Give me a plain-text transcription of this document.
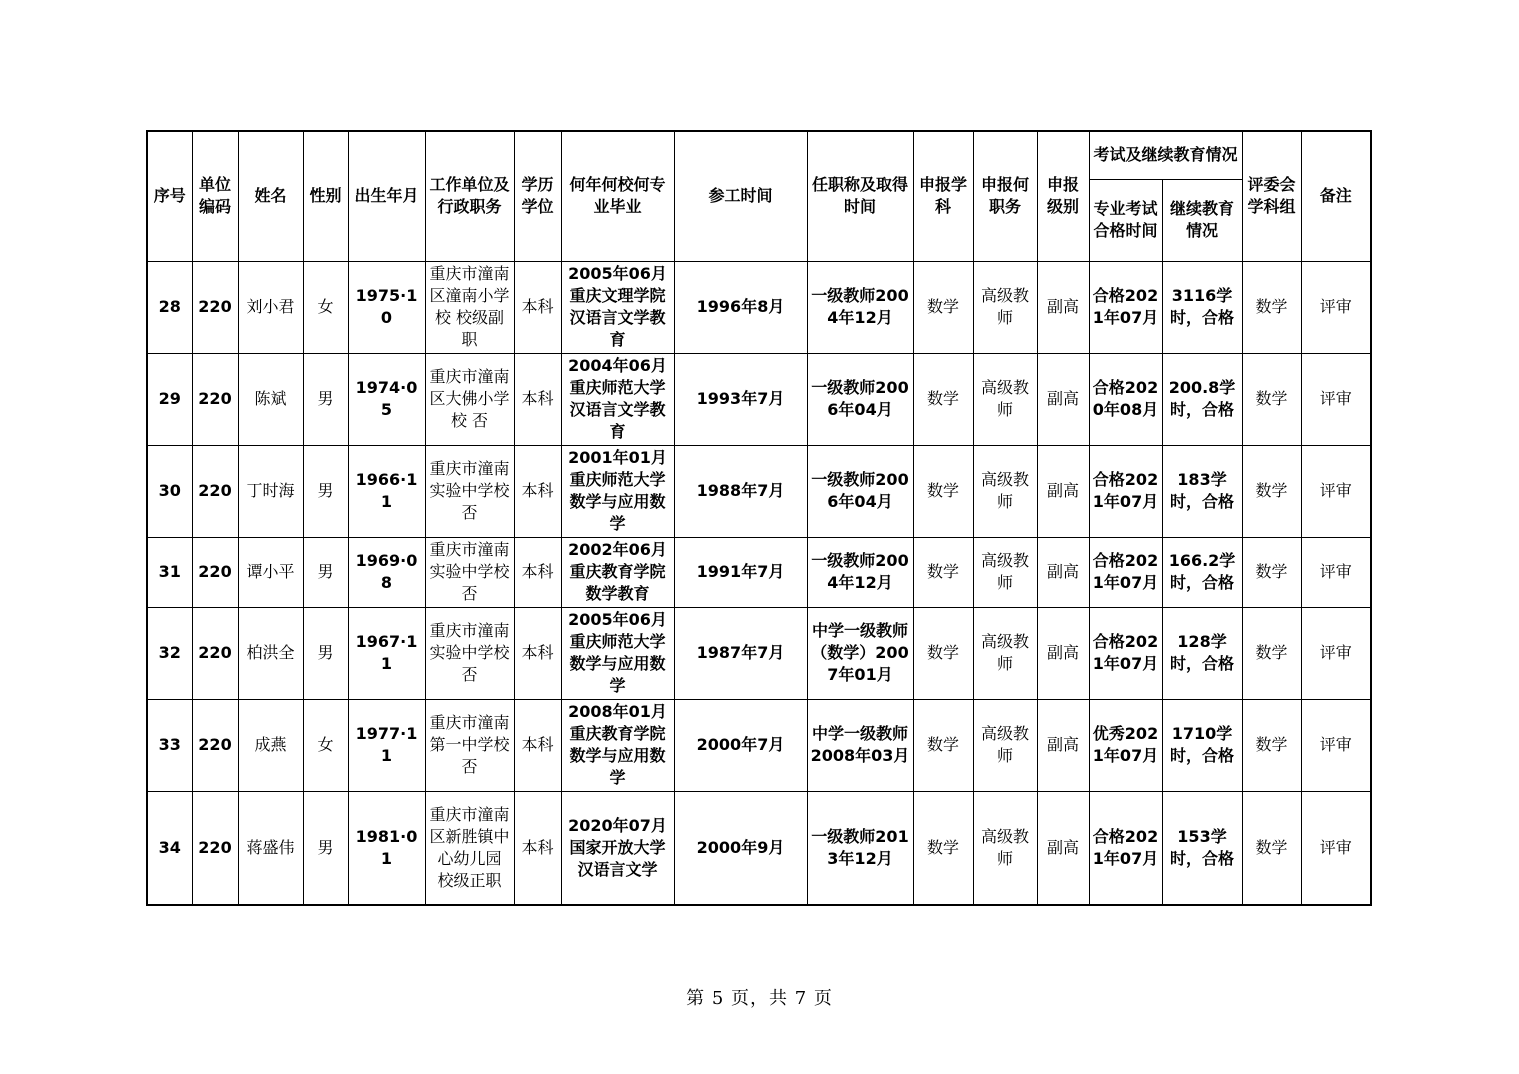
序号	单位编码	姓名	性别	出生年月	工作单位及行政职务	学历学位	何年何校何专业毕业	参工时间	任职称及取得时间	申报学科	申报何职务	申报级别	考试及继续教育情况		评委会学科组	备注
													专业考试合格时间	继续教育情况		
28	220	刘小君	女	1975·10	重庆市潼南区潼南小学校 校级副职	本科	2005年06月重庆文理学院汉语言文学教育	1996年8月	一级教师2004年12月	数学	高级教师	副高	合格2021年07月	3116学时，合格	数学	评审
29	220	陈斌	男	1974·05	重庆市潼南区大佛小学校 否	本科	2004年06月重庆师范大学汉语言文学教育	1993年7月	一级教师2006年04月	数学	高级教师	副高	合格2020年08月	200.8学时，合格	数学	评审
30	220	丁时海	男	1966·11	重庆市潼南实验中学校 否	本科	2001年01月重庆师范大学数学与应用数学	1988年7月	一级教师2006年04月	数学	高级教师	副高	合格2021年07月	183学时，合格	数学	评审
31	220	谭小平	男	1969·08	重庆市潼南实验中学校 否	本科	2002年06月重庆教育学院数学教育	1991年7月	一级教师2004年12月	数学	高级教师	副高	合格2021年07月	166.2学时，合格	数学	评审
32	220	柏洪全	男	1967·11	重庆市潼南实验中学校 否	本科	2005年06月重庆师范大学 数学与应用数学	1987年7月	中学一级教师（数学）2007年01月	数学	高级教师	副高	合格2021年07月	128学时，合格	数学	评审
33	220	成燕	女	1977·11	重庆市潼南第一中学校 否	本科	2008年01月重庆教育学院数学与应用数学	2000年7月	中学一级教师2008年03月	数学	高级教师	副高	优秀2021年07月	1710学时，合格	数学	评审
34	220	蒋盛伟	男	1981·01	重庆市潼南区新胜镇中心幼儿园 校级正职	本科	2020年07月国家开放大学汉语言文学	2000年9月	一级教师2013年12月	数学	高级教师	副高	合格2021年07月	153学时，合格	数学	评审
第 5 页，共 7 页
